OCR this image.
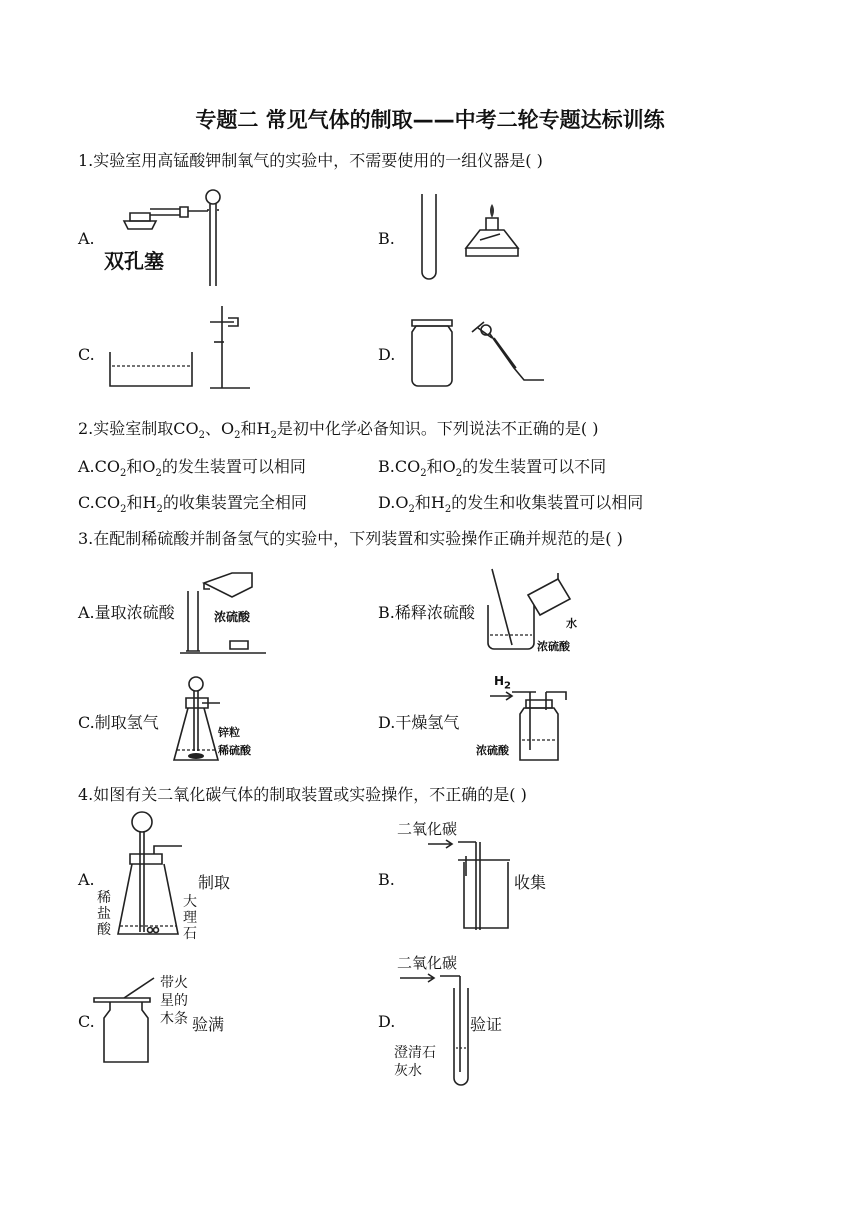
专题二 常见气体的制取——中考二轮专题达标训练
1.实验室用高锰酸钾制氧气的实验中，不需要使用的一组仪器是( )
A.
双孔塞
B.
C.	D.
2.实验室制取$CO_2$、$O_2$和$H_2$是初中化学必备知识。下列说法不正确的是( )
$A.CO_2$和$O_2$的发生装置可以相同	$B.CO_2$和$O_2$的发生装置可以不同
$C.CO_2$和$H_2$的收集装置完全相同	$D.O_2$和$H_2$的发生和收集装置可以相同
3.在配制稀硫酸并制备氢气的实验中，下列装置和实验操作正确并规范的是( )
A.量取浓硫酸	浓硫酸	B.稀释浓硫酸
水
浓硫酸
C.制取氢气
锌粒
稀硫酸
D.干燥氢气
$H_2$
浓硫酸
4.如图有关二氧化碳气体的制取装置或实验操作，不正确的是( )
A.	制取
稀盐酸
大理石
B.
二氧化碳
收集
C.
带火星的木条 验满	D.
二氧化碳
澄清石灰水
验证
